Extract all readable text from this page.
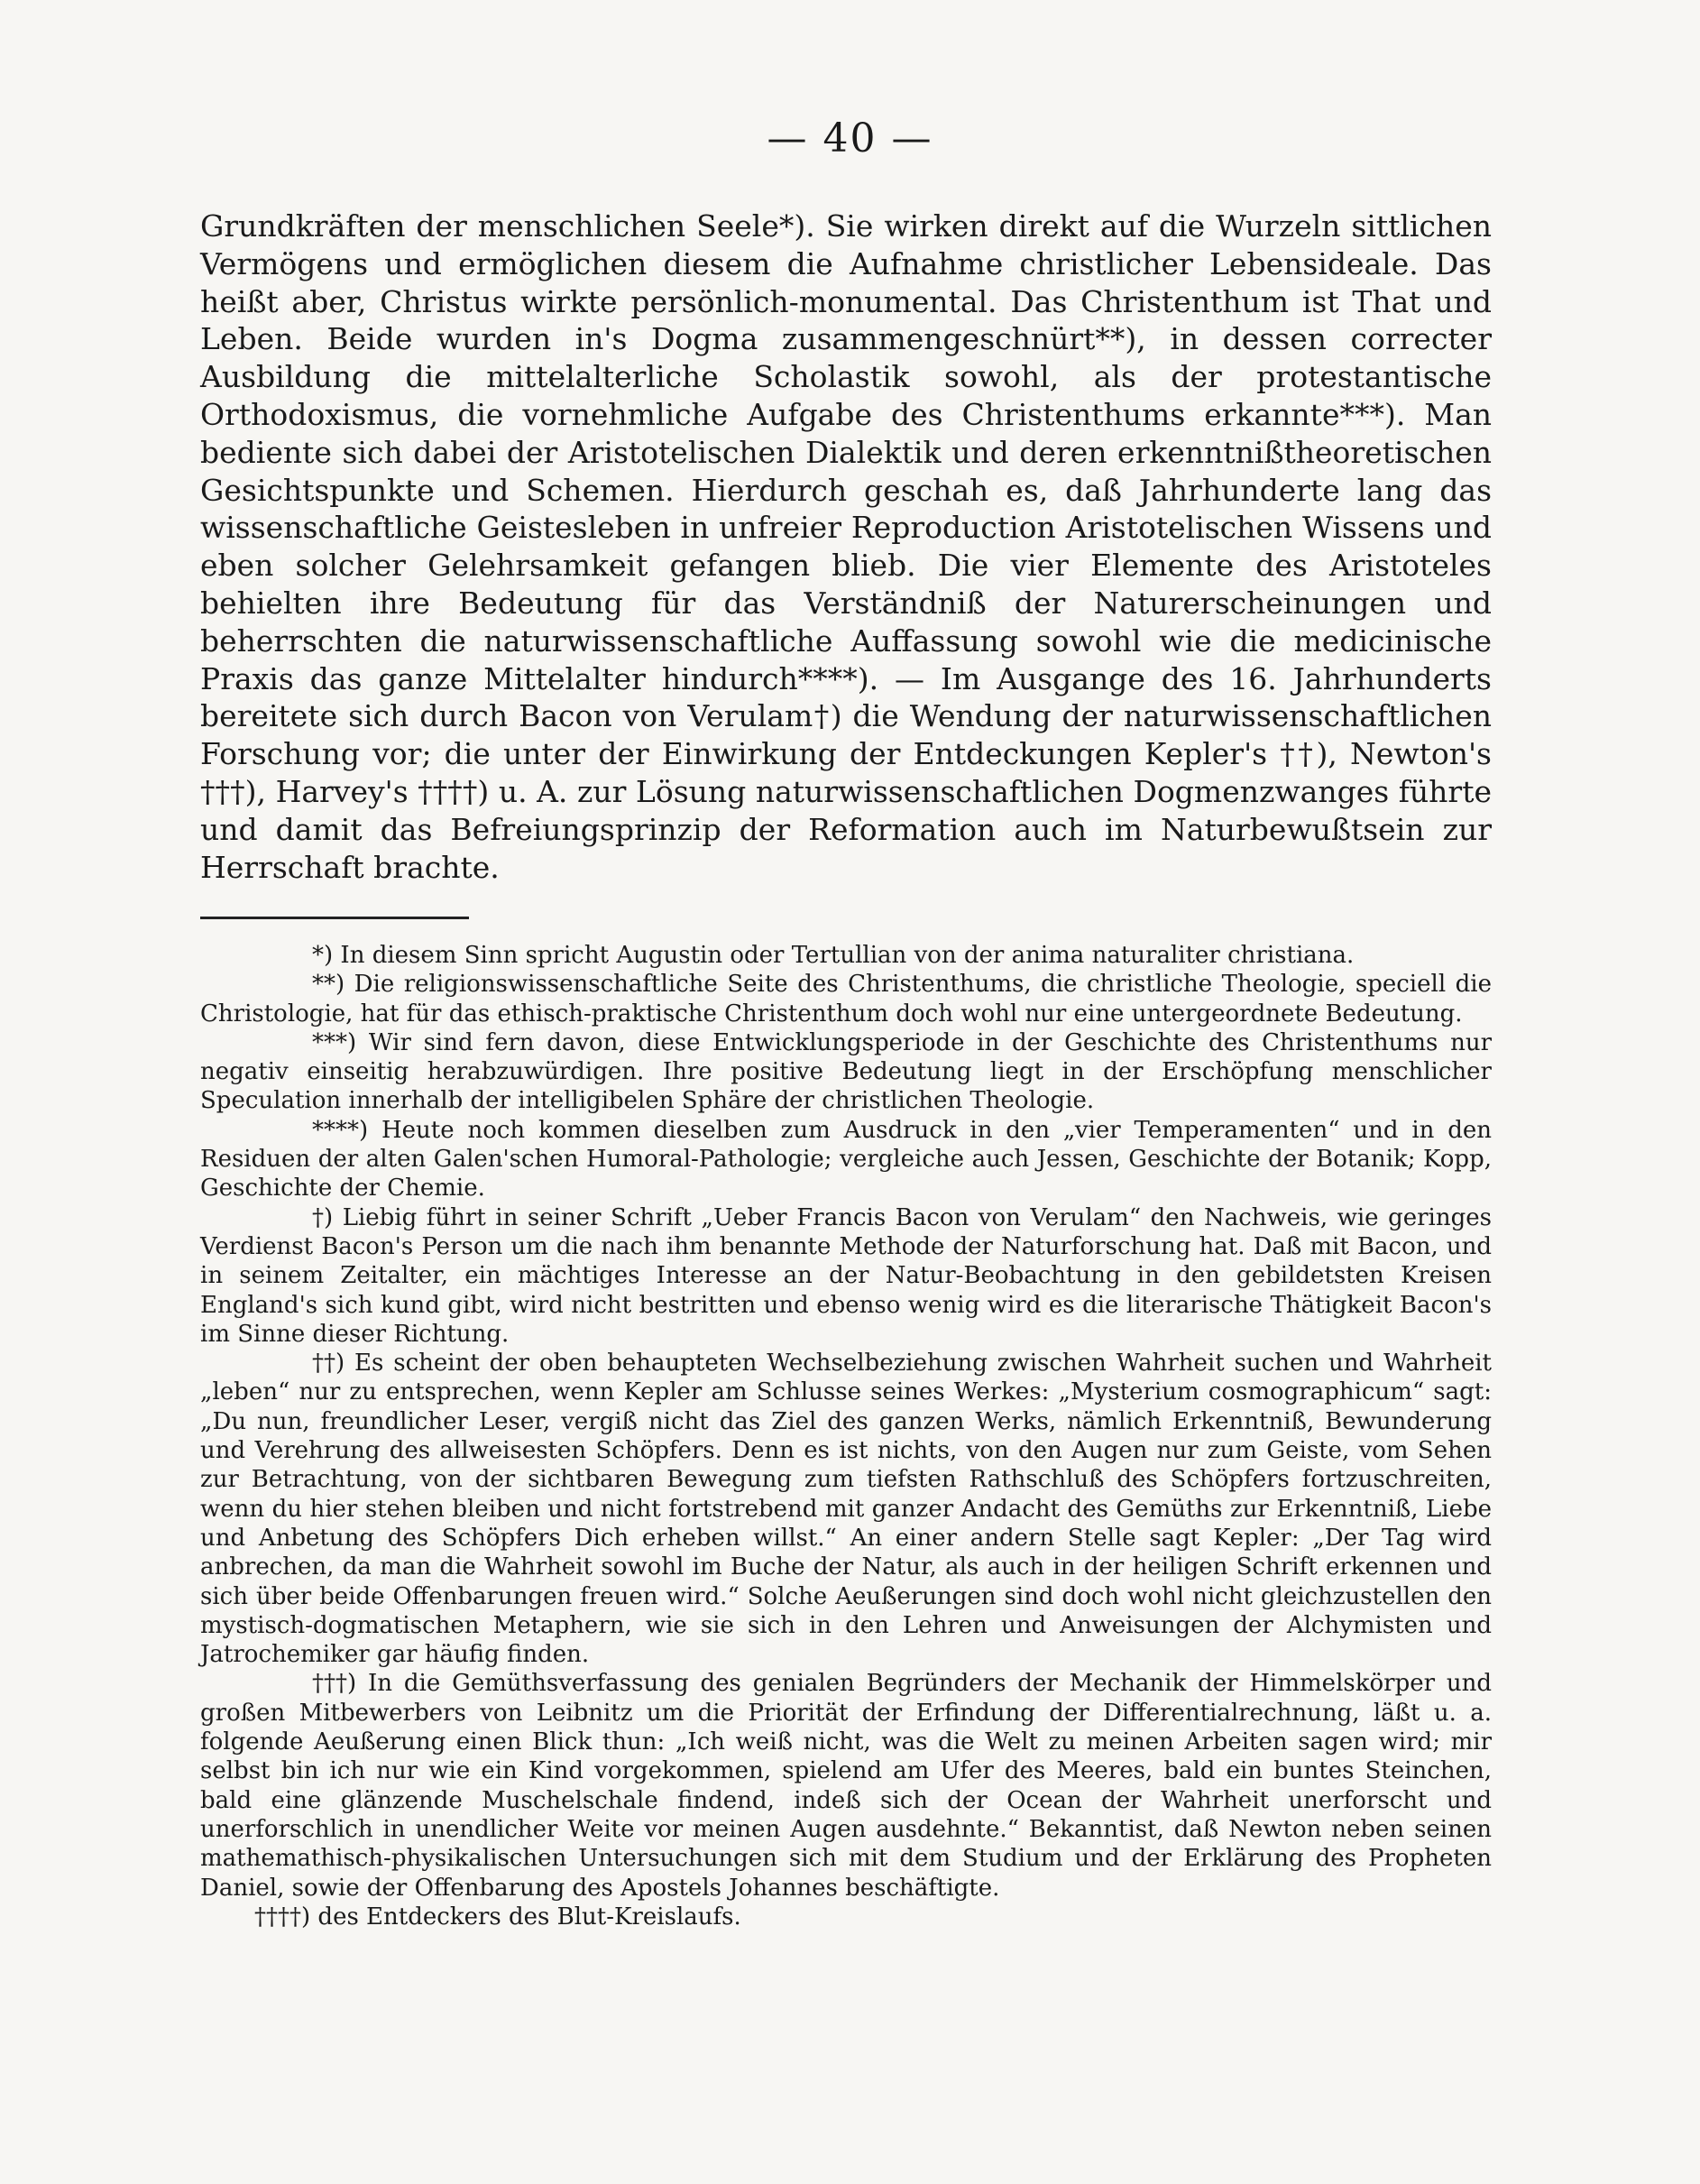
— 40 —

Grundkräften der menschlichen Seele*). Sie wirken direkt auf die Wurzeln sittlichen Vermögens und ermöglichen diesem die Aufnahme christlicher Lebensideale. Das heißt aber, Christus wirkte persönlich-monumental. Das Christenthum ist That und Leben. Beide wurden in's Dogma zusammengeschnürt**), in dessen correcter Ausbildung die mittelalterliche Scholastik sowohl, als der protestantische Orthodoxismus, die vornehmliche Aufgabe des Christenthums erkannte***). Man bediente sich dabei der Aristotelischen Dialektik und deren erkenntnißtheoretischen Gesichtspunkte und Schemen. Hierdurch geschah es, daß Jahrhunderte lang das wissenschaftliche Geistesleben in unfreier Reproduction Aristotelischen Wissens und eben solcher Gelehrsamkeit gefangen blieb. Die vier Elemente des Aristoteles behielten ihre Bedeutung für das Verständniß der Naturerscheinungen und beherrschten die naturwissenschaftliche Auffassung sowohl wie die medicinische Praxis das ganze Mittelalter hindurch****). — Im Ausgange des 16. Jahrhunderts bereitete sich durch Bacon von Verulam†) die Wendung der naturwissenschaftlichen Forschung vor; die unter der Einwirkung der Entdeckungen Kepler's ††), Newton's †††), Harvey's ††††) u. A. zur Lösung naturwissenschaftlichen Dogmenzwanges führte und damit das Befreiungsprinzip der Reformation auch im Naturbewußtsein zur Herrschaft brachte.

*) In diesem Sinn spricht Augustin oder Tertullian von der anima naturaliter christiana.

**) Die religionswissenschaftliche Seite des Christenthums, die christliche Theologie, speciell die Christologie, hat für das ethisch-praktische Christenthum doch wohl nur eine untergeordnete Bedeutung.

***) Wir sind fern davon, diese Entwicklungsperiode in der Geschichte des Christenthums nur negativ einseitig herabzuwürdigen. Ihre positive Bedeutung liegt in der Erschöpfung menschlicher Speculation innerhalb der intelligibelen Sphäre der christlichen Theologie.

****) Heute noch kommen dieselben zum Ausdruck in den „vier Temperamenten“ und in den Residuen der alten Galen'schen Humoral-Pathologie; vergleiche auch Jessen, Geschichte der Botanik; Kopp, Geschichte der Chemie.

†) Liebig führt in seiner Schrift „Ueber Francis Bacon von Verulam“ den Nachweis, wie geringes Verdienst Bacon's Person um die nach ihm benannte Methode der Naturforschung hat. Daß mit Bacon, und in seinem Zeitalter, ein mächtiges Interesse an der Natur-Beobachtung in den gebildetsten Kreisen England's sich kund gibt, wird nicht bestritten und ebenso wenig wird es die literarische Thätigkeit Bacon's im Sinne dieser Richtung.

††) Es scheint der oben behaupteten Wechselbeziehung zwischen Wahrheit suchen und Wahrheit „leben“ nur zu entsprechen, wenn Kepler am Schlusse seines Werkes: „Mysterium cosmographicum“ sagt: „Du nun, freundlicher Leser, vergiß nicht das Ziel des ganzen Werks, nämlich Erkenntniß, Bewunderung und Verehrung des allweisesten Schöpfers. Denn es ist nichts, von den Augen nur zum Geiste, vom Sehen zur Betrachtung, von der sichtbaren Bewegung zum tiefsten Rathschluß des Schöpfers fortzuschreiten, wenn du hier stehen bleiben und nicht fortstrebend mit ganzer Andacht des Gemüths zur Erkenntniß, Liebe und Anbetung des Schöpfers Dich erheben willst.“ An einer andern Stelle sagt Kepler: „Der Tag wird anbrechen, da man die Wahrheit sowohl im Buche der Natur, als auch in der heiligen Schrift erkennen und sich über beide Offenbarungen freuen wird.“ Solche Aeußerungen sind doch wohl nicht gleichzustellen den mystisch-dogmatischen Metaphern, wie sie sich in den Lehren und Anweisungen der Alchymisten und Jatrochemiker gar häufig finden.

†††) In die Gemüthsverfassung des genialen Begründers der Mechanik der Himmelskörper und großen Mitbewerbers von Leibnitz um die Priorität der Erfindung der Differentialrechnung, läßt u. a. folgende Aeußerung einen Blick thun: „Ich weiß nicht, was die Welt zu meinen Arbeiten sagen wird; mir selbst bin ich nur wie ein Kind vorgekommen, spielend am Ufer des Meeres, bald ein buntes Steinchen, bald eine glänzende Muschelschale findend, indeß sich der Ocean der Wahrheit unerforscht und unerforschlich in unendlicher Weite vor meinen Augen ausdehnte.“ Bekanntist, daß Newton neben seinen mathemathisch-physikalischen Untersuchungen sich mit dem Studium und der Erklärung des Propheten Daniel, sowie der Offenbarung des Apostels Johannes beschäftigte.

††††) des Entdeckers des Blut-Kreislaufs.
